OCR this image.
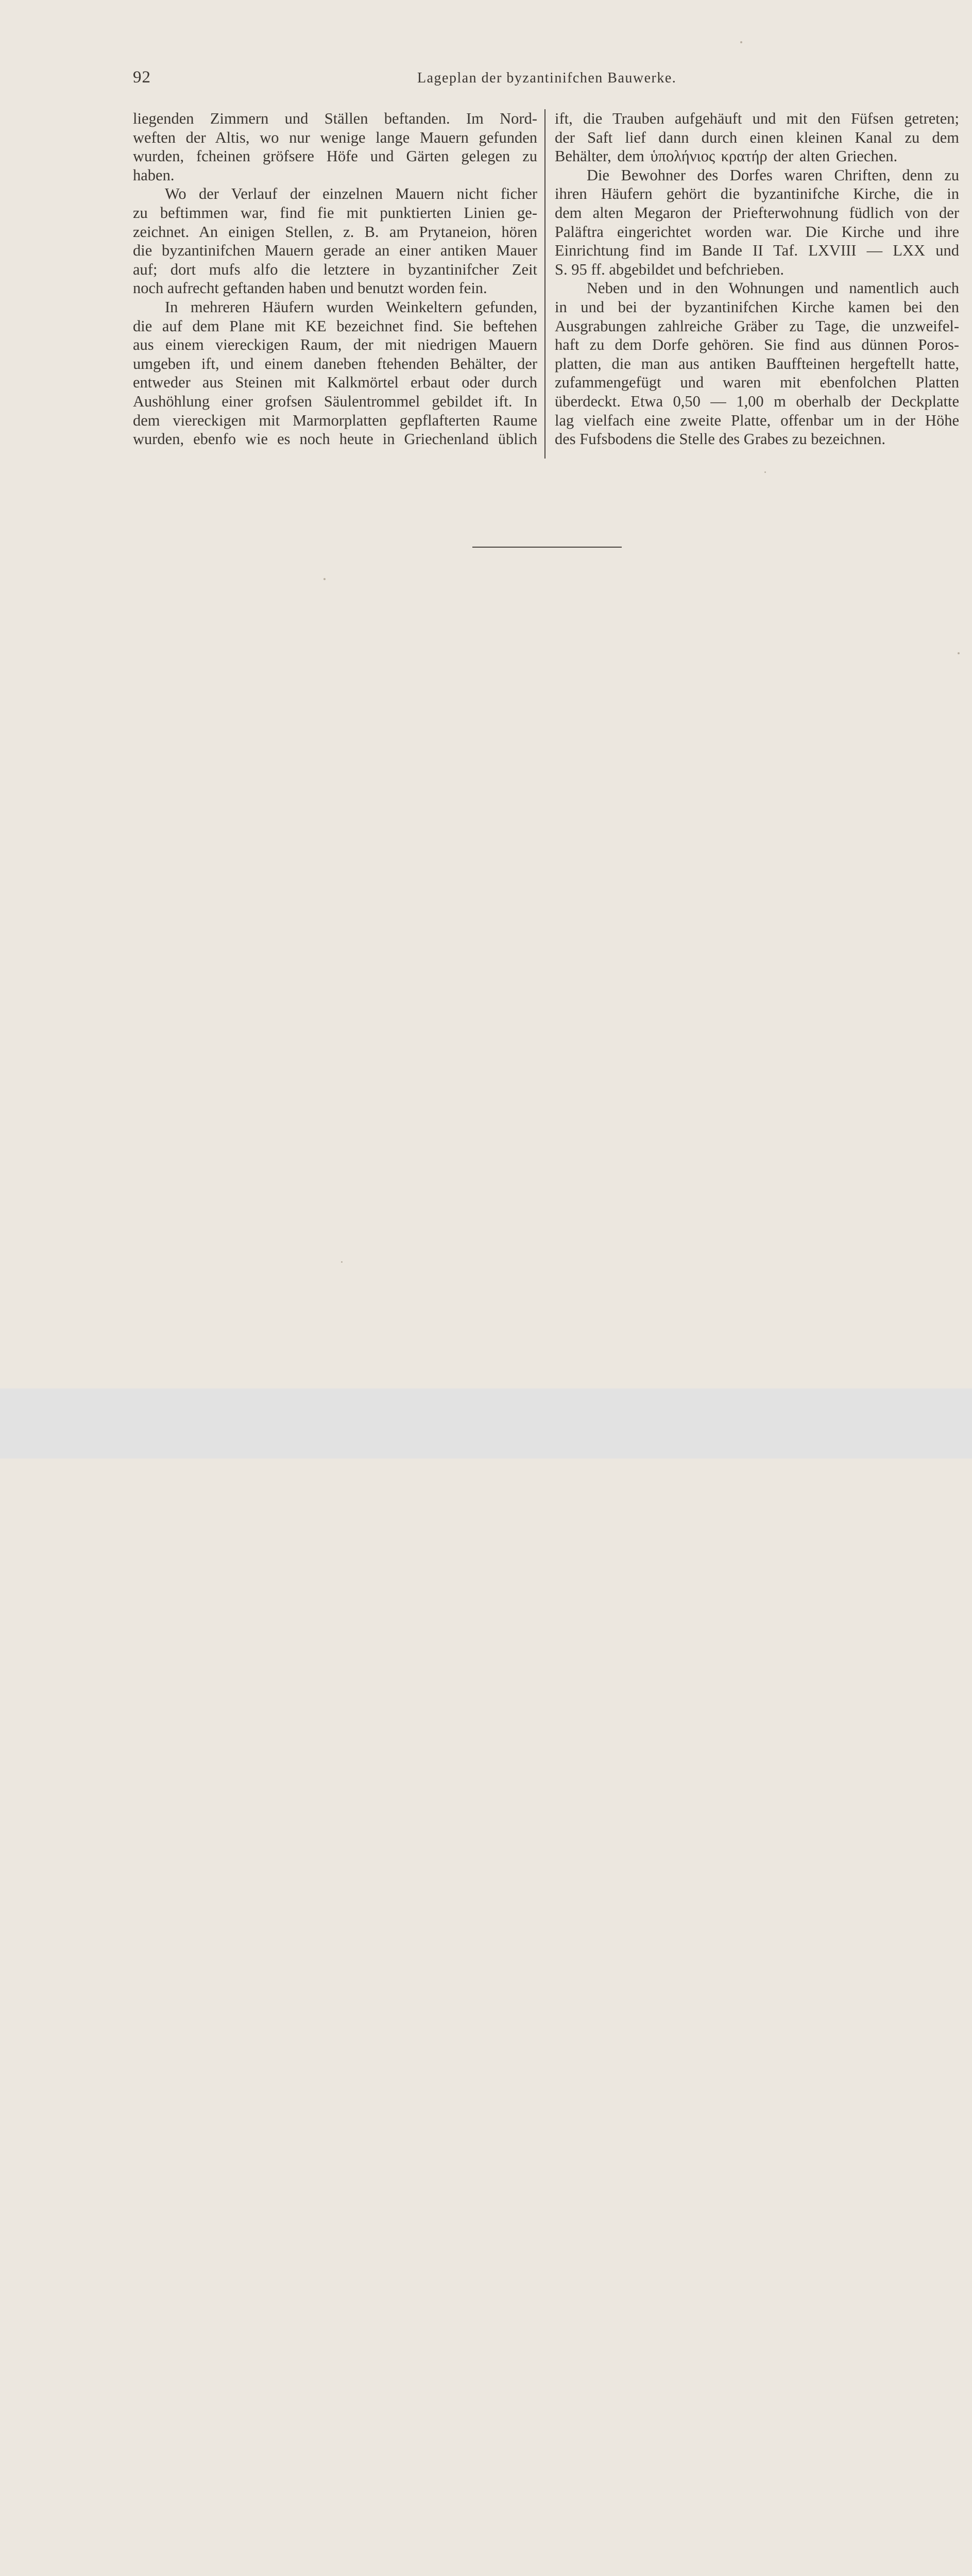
92	Lageplan der byzantinifchen Bauwerke.
liegenden Zimmern und Ställen beftanden. Im Nord-
weften der Altis, wo nur wenige lange Mauern gefunden
wurden, fcheinen gröfsere Höfe und Gärten gelegen zu
haben.
Wo der Verlauf der einzelnen Mauern nicht ficher
zu beftimmen war, find fie mit punktierten Linien ge-
zeichnet. An einigen Stellen, z. B. am Prytaneion, hören
die byzantinifchen Mauern gerade an einer antiken Mauer
auf; dort mufs alfo die letztere in byzantinifcher Zeit
noch aufrecht geftanden haben und benutzt worden fein.
In mehreren Häufern wurden Weinkeltern gefunden,
die auf dem Plane mit KE bezeichnet find. Sie beftehen
aus einem viereckigen Raum, der mit niedrigen Mauern
umgeben ift, und einem daneben ftehenden Behälter, der
entweder aus Steinen mit Kalkmörtel erbaut oder durch
Aushöhlung einer grofsen Säulentrommel gebildet ift. In
dem viereckigen mit Marmorplatten gepflafterten Raume
wurden, ebenfo wie es noch heute in Griechenland üblich
ift, die Trauben aufgehäuft und mit den Füfsen getreten;
der Saft lief dann durch einen kleinen Kanal zu dem
Behälter, dem ὑπολήνιος κρατήρ der alten Griechen.
Die Bewohner des Dorfes waren Chriften, denn zu
ihren Häufern gehört die byzantinifche Kirche, die in
dem alten Megaron der Priefterwohnung füdlich von der
Paläftra eingerichtet worden war. Die Kirche und ihre
Einrichtung find im Bande II Taf. LXVIII — LXX und
S. 95 ff. abgebildet und befchrieben.
Neben und in den Wohnungen und namentlich auch
in und bei der byzantinifchen Kirche kamen bei den
Ausgrabungen zahlreiche Gräber zu Tage, die unzweifel-
haft zu dem Dorfe gehören. Sie find aus dünnen Poros-
platten, die man aus antiken Bauffteinen hergeftellt hatte,
zufammengefügt und waren mit ebenfolchen Platten
überdeckt. Etwa 0,50 — 1,00 m oberhalb der Deckplatte
lag vielfach eine zweite Platte, offenbar um in der Höhe
des Fufsbodens die Stelle des Grabes zu bezeichnen.
